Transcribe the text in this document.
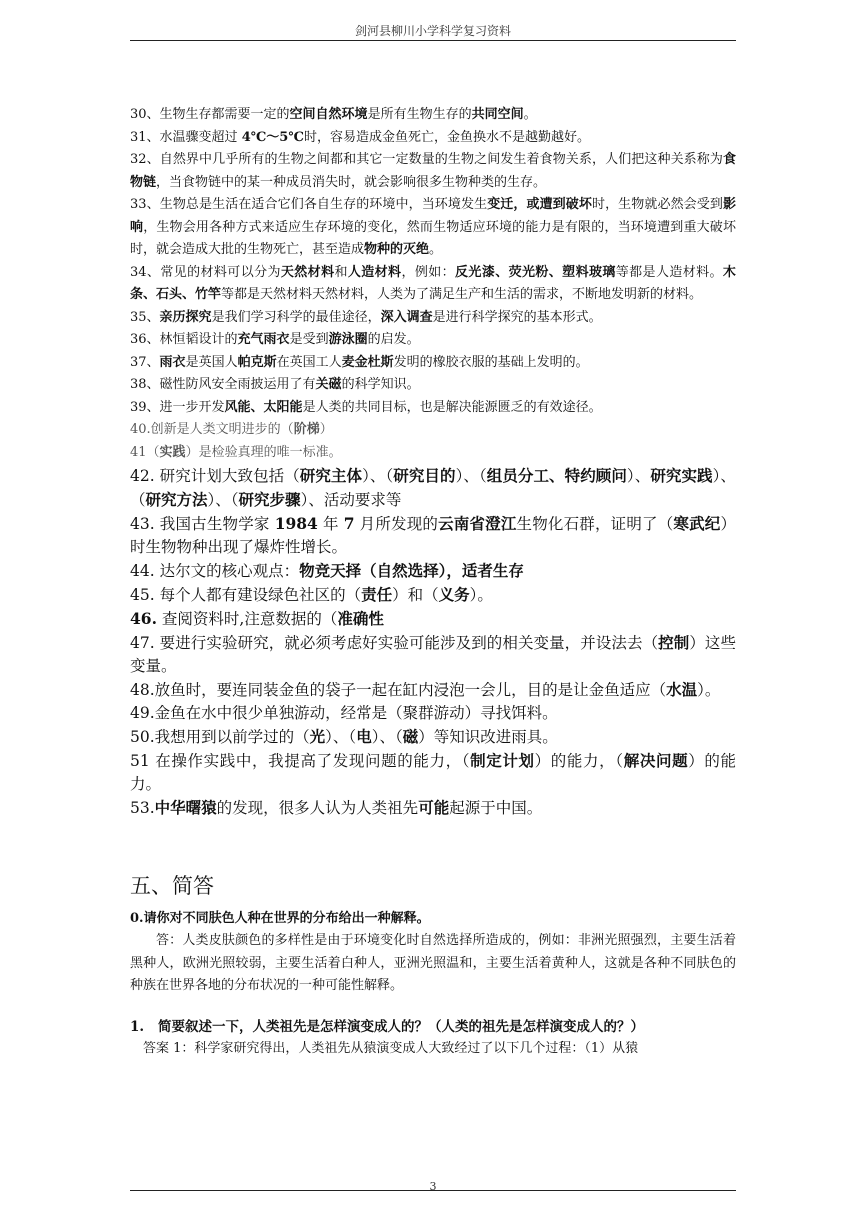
剑河县柳川小学科学复习资料
30、生物生存都需要一定的空间自然环境是所有生物生存的共同空间。
31、水温骤变超过 4℃～5℃时，容易造成金鱼死亡，金鱼换水不是越勤越好。
32、自然界中几乎所有的生物之间都和其它一定数量的生物之间发生着食物关系，人们把这种关系称为食物链，当食物链中的某一种成员消失时，就会影响很多生物种类的生存。
33、生物总是生活在适合它们各自生存的环境中，当环境发生变迁，或遭到破坏时，生物就必然会受到影响，生物会用各种方式来适应生存环境的变化，然而生物适应环境的能力是有限的，当环境遭到重大破坏时，就会造成大批的生物死亡，甚至造成物种的灭绝。
34、常见的材料可以分为天然材料和人造材料，例如：反光漆、荧光粉、塑料玻璃等都是人造材料。木条、石头、竹竿等都是天然材料天然材料，人类为了满足生产和生活的需求，不断地发明新的材料。
35、亲历探究是我们学习科学的最佳途径，深入调查是进行科学探究的基本形式。
36、林恒韬设计的充气雨衣是受到游泳圈的启发。
37、雨衣是英国人帕克斯在英国工人麦金杜斯发明的橡胶衣服的基础上发明的。
38、磁性防风安全雨披运用了有关磁的科学知识。
39、进一步开发风能、太阳能是人类的共同目标，也是解决能源匮乏的有效途径。
40.创新是人类文明进步的（阶梯）
41（实践）是检验真理的唯一标准。
42. 研究计划大致包括（研究主体）、（研究目的）、（组员分工、特约顾问）、研究实践）、（研究方法）、（研究步骤）、活动要求等
43. 我国古生物学家 1984 年 7 月所发现的云南省澄江生物化石群，证明了（寒武纪）时生物物种出现了爆炸性增长。
44. 达尔文的核心观点：物竞天择（自然选择），适者生存
45. 每个人都有建设绿色社区的（责任）和（义务）。
46. 查阅资料时,注意数据的（准确性
47. 要进行实验研究，就必须考虑好实验可能涉及到的相关变量，并设法去（控制）这些变量。
48.放鱼时，要连同装金鱼的袋子一起在缸内浸泡一会儿，目的是让金鱼适应（水温）。
49.金鱼在水中很少单独游动，经常是（聚群游动）寻找饵料。
50.我想用到以前学过的（光）、（电）、（磁）等知识改进雨具。
51 在操作实践中，我提高了发现问题的能力，（制定计划）的能力，（解决问题）的能力。
53.中华曙猿的发现，很多人认为人类祖先可能起源于中国。
五、简答
0.请你对不同肤色人种在世界的分布给出一种解释。
答：人类皮肤颜色的多样性是由于环境变化时自然选择所造成的，例如：非洲光照强烈，主要生活着黑种人，欧洲光照较弱，主要生活着白种人，亚洲光照温和，主要生活着黄种人，这就是各种不同肤色的种族在世界各地的分布状况的一种可能性解释。
1. 简要叙述一下，人类祖先是怎样演变成人的？（人类的祖先是怎样演变成人的？）
答案 1：科学家研究得出，人类祖先从猿演变成人大致经过了以下几个过程：（1）从猿
3
